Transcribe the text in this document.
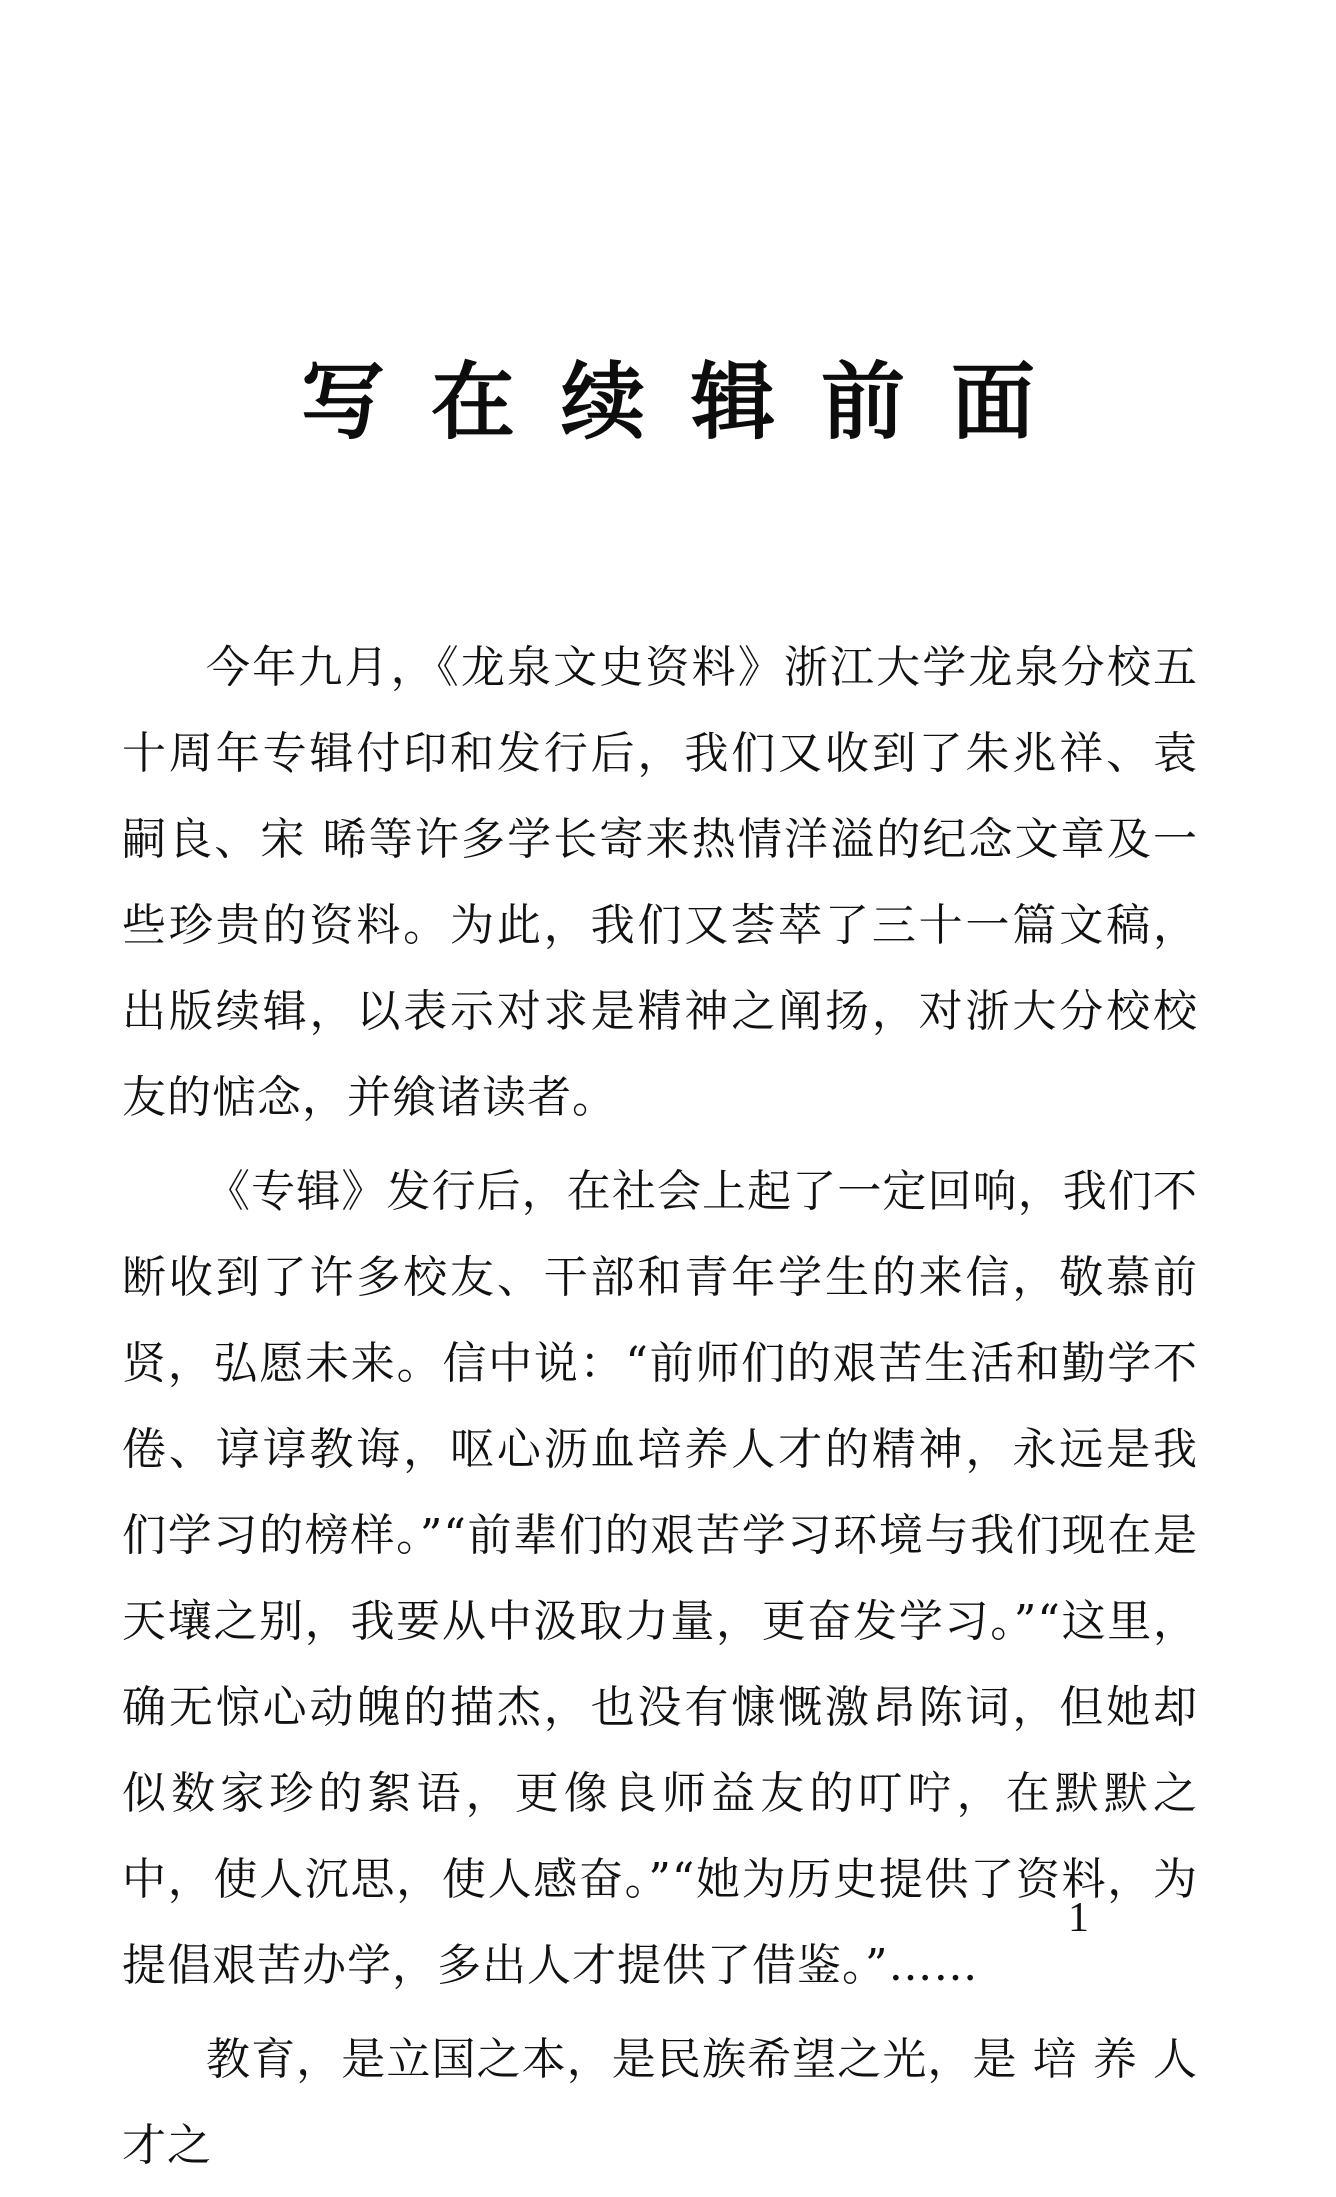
写在续辑前面

今年九月，《龙泉文史资料》浙江大学龙泉分校五十周年专辑付印和发行后，我们又收到了朱兆祥、袁嗣良、宋 晞等许多学长寄来热情洋溢的纪念文章及一些珍贵的资料。为此，我们又荟萃了三十一篇文稿，出版续辑，以表示对求是精神之阐扬，对浙大分校校友的惦念，并飨诸读者。

《专辑》发行后，在社会上起了一定回响，我们不断收到了许多校友、干部和青年学生的来信，敬慕前贤，弘愿未来。信中说：“前师们的艰苦生活和勤学不倦、谆谆教诲，呕心沥血培养人才的精神，永远是我们学习的榜样。”“前辈们的艰苦学习环境与我们现在是天壤之别，我要从中汲取力量，更奋发学习。”“这里，确无惊心动魄的描杰，也没有慷慨激昂陈词，但她却似数家珍的絮语，更像良师益友的叮咛，在默默之中，使人沉思，使人感奋。”“她为历史提供了资料，为提倡艰苦办学，多出人才提供了借鉴。”……

教育，是立国之本，是民族希望之光，是 培 养 人 才之

1
